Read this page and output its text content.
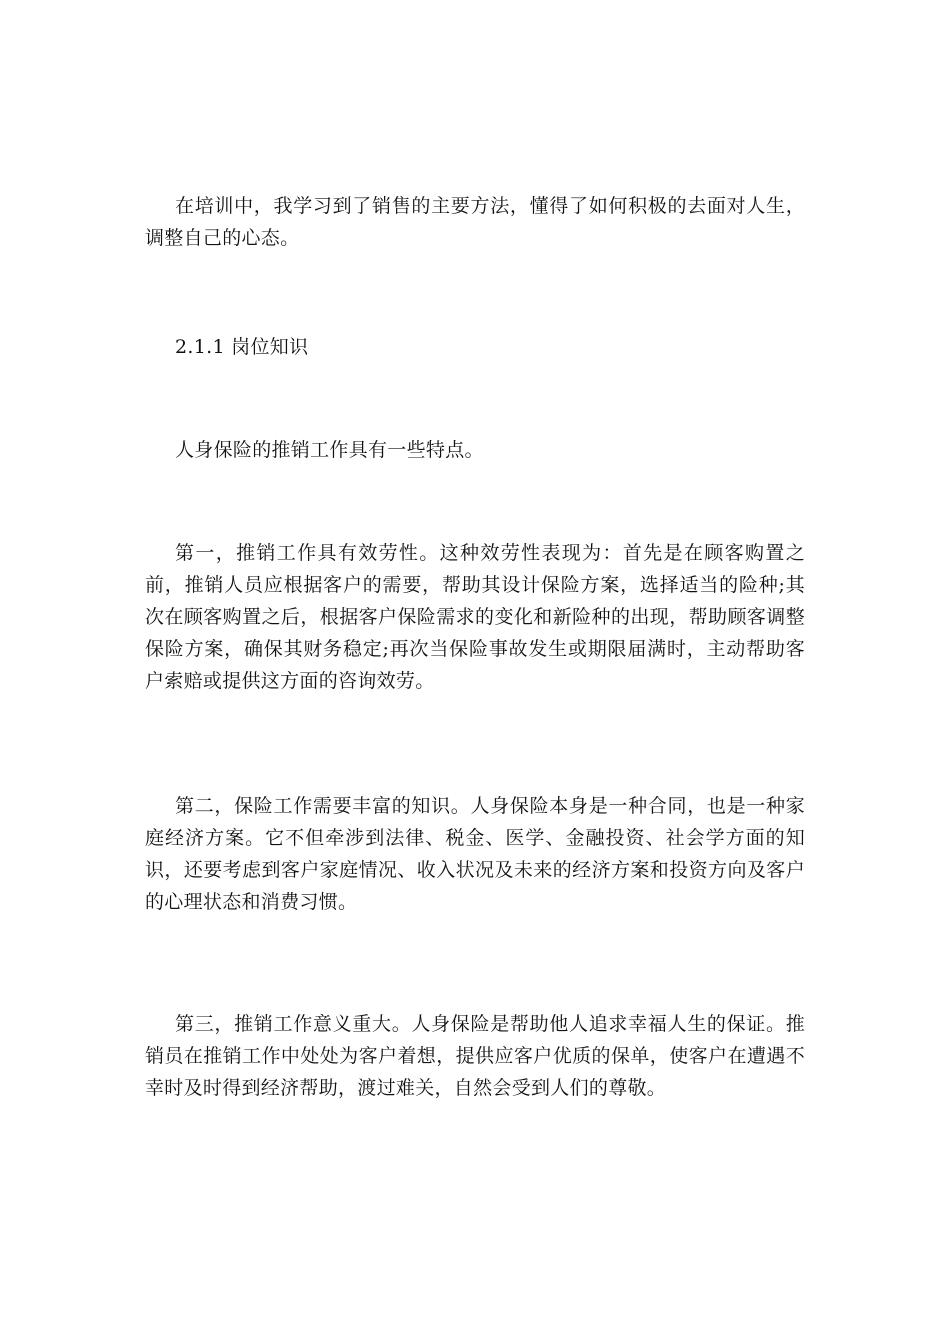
在培训中，我学习到了销售的主要方法，懂得了如何积极的去面对人生，调整自己的心态。

2.1.1 岗位知识

人身保险的推销工作具有一些特点。

第一，推销工作具有效劳性。这种效劳性表现为：首先是在顾客购置之前，推销人员应根据客户的需要，帮助其设计保险方案，选择适当的险种;其次在顾客购置之后，根据客户保险需求的变化和新险种的出现，帮助顾客调整保险方案，确保其财务稳定;再次当保险事故发生或期限届满时，主动帮助客户索赔或提供这方面的咨询效劳。

第二，保险工作需要丰富的知识。人身保险本身是一种合同，也是一种家庭经济方案。它不但牵涉到法律、税金、医学、金融投资、社会学方面的知识，还要考虑到客户家庭情况、收入状况及未来的经济方案和投资方向及客户的心理状态和消费习惯。

第三，推销工作意义重大。人身保险是帮助他人追求幸福人生的保证。推销员在推销工作中处处为客户着想，提供应客户优质的保单，使客户在遭遇不幸时及时得到经济帮助，渡过难关，自然会受到人们的尊敬。
